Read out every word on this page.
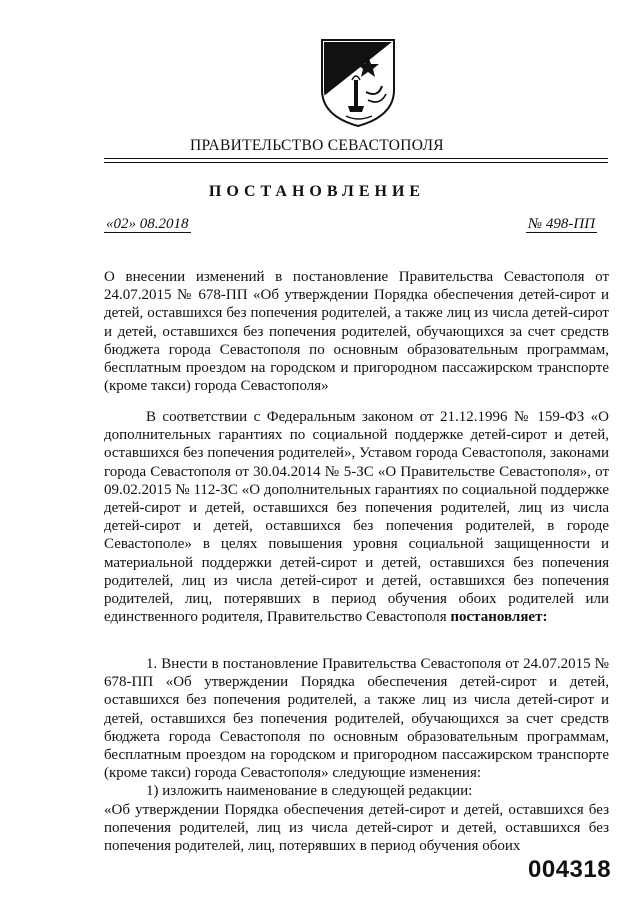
ПРАВИТЕЛЬСТВО СЕВАСТОПОЛЯ
ПОСТАНОВЛЕНИЕ
«02» 08.2018	№ 498-ПП

О внесении изменений в постановление Правительства Севастополя от 24.07.2015 № 678-ПП «Об утверждении Порядка обеспечения детей-сирот и детей, оставшихся без попечения родителей, а также лиц из числа детей-сирот и детей, оставшихся без попечения родителей, обучающихся за счет средств бюджета города Севастополя по основным образовательным программам, бесплатным проездом на городском и пригородном пассажирском транспорте (кроме такси) города Севастополя»

В соответствии с Федеральным законом от 21.12.1996 № 159-ФЗ «О дополнительных гарантиях по социальной поддержке детей-сирот и детей, оставшихся без попечения родителей», Уставом города Севастополя, законами города Севастополя от 30.04.2014 № 5-ЗС «О Правительстве Севастополя», от 09.02.2015 № 112-ЗС «О дополнительных гарантиях по социальной поддержке детей-сирот и детей, оставшихся без попечения родителей, лиц из числа детей-сирот и детей, оставшихся без попечения родителей, в городе Севастополе» в целях повышения уровня социальной защищенности и материальной поддержки детей-сирот и детей, оставшихся без попечения родителей, лиц из числа детей-сирот и детей, оставшихся без попечения родителей, лиц, потерявших в период обучения обоих родителей или единственного родителя, Правительство Севастополя постановляет:

1. Внести в постановление Правительства Севастополя от 24.07.2015 № 678-ПП «Об утверждении Порядка обеспечения детей-сирот и детей, оставшихся без попечения родителей, а также лиц из числа детей-сирот и детей, оставшихся без попечения родителей, обучающихся за счет средств бюджета города Севастополя по основным образовательным программам, бесплатным проездом на городском и пригородном пассажирском транспорте (кроме такси) города Севастополя» следующие изменения:

1) изложить наименование в следующей редакции:

«Об утверждении Порядка обеспечения детей-сирот и детей, оставшихся без попечения родителей, лиц из числа детей-сирот и детей, оставшихся без попечения родителей, лиц, потерявших в период обучения обоих

004318
